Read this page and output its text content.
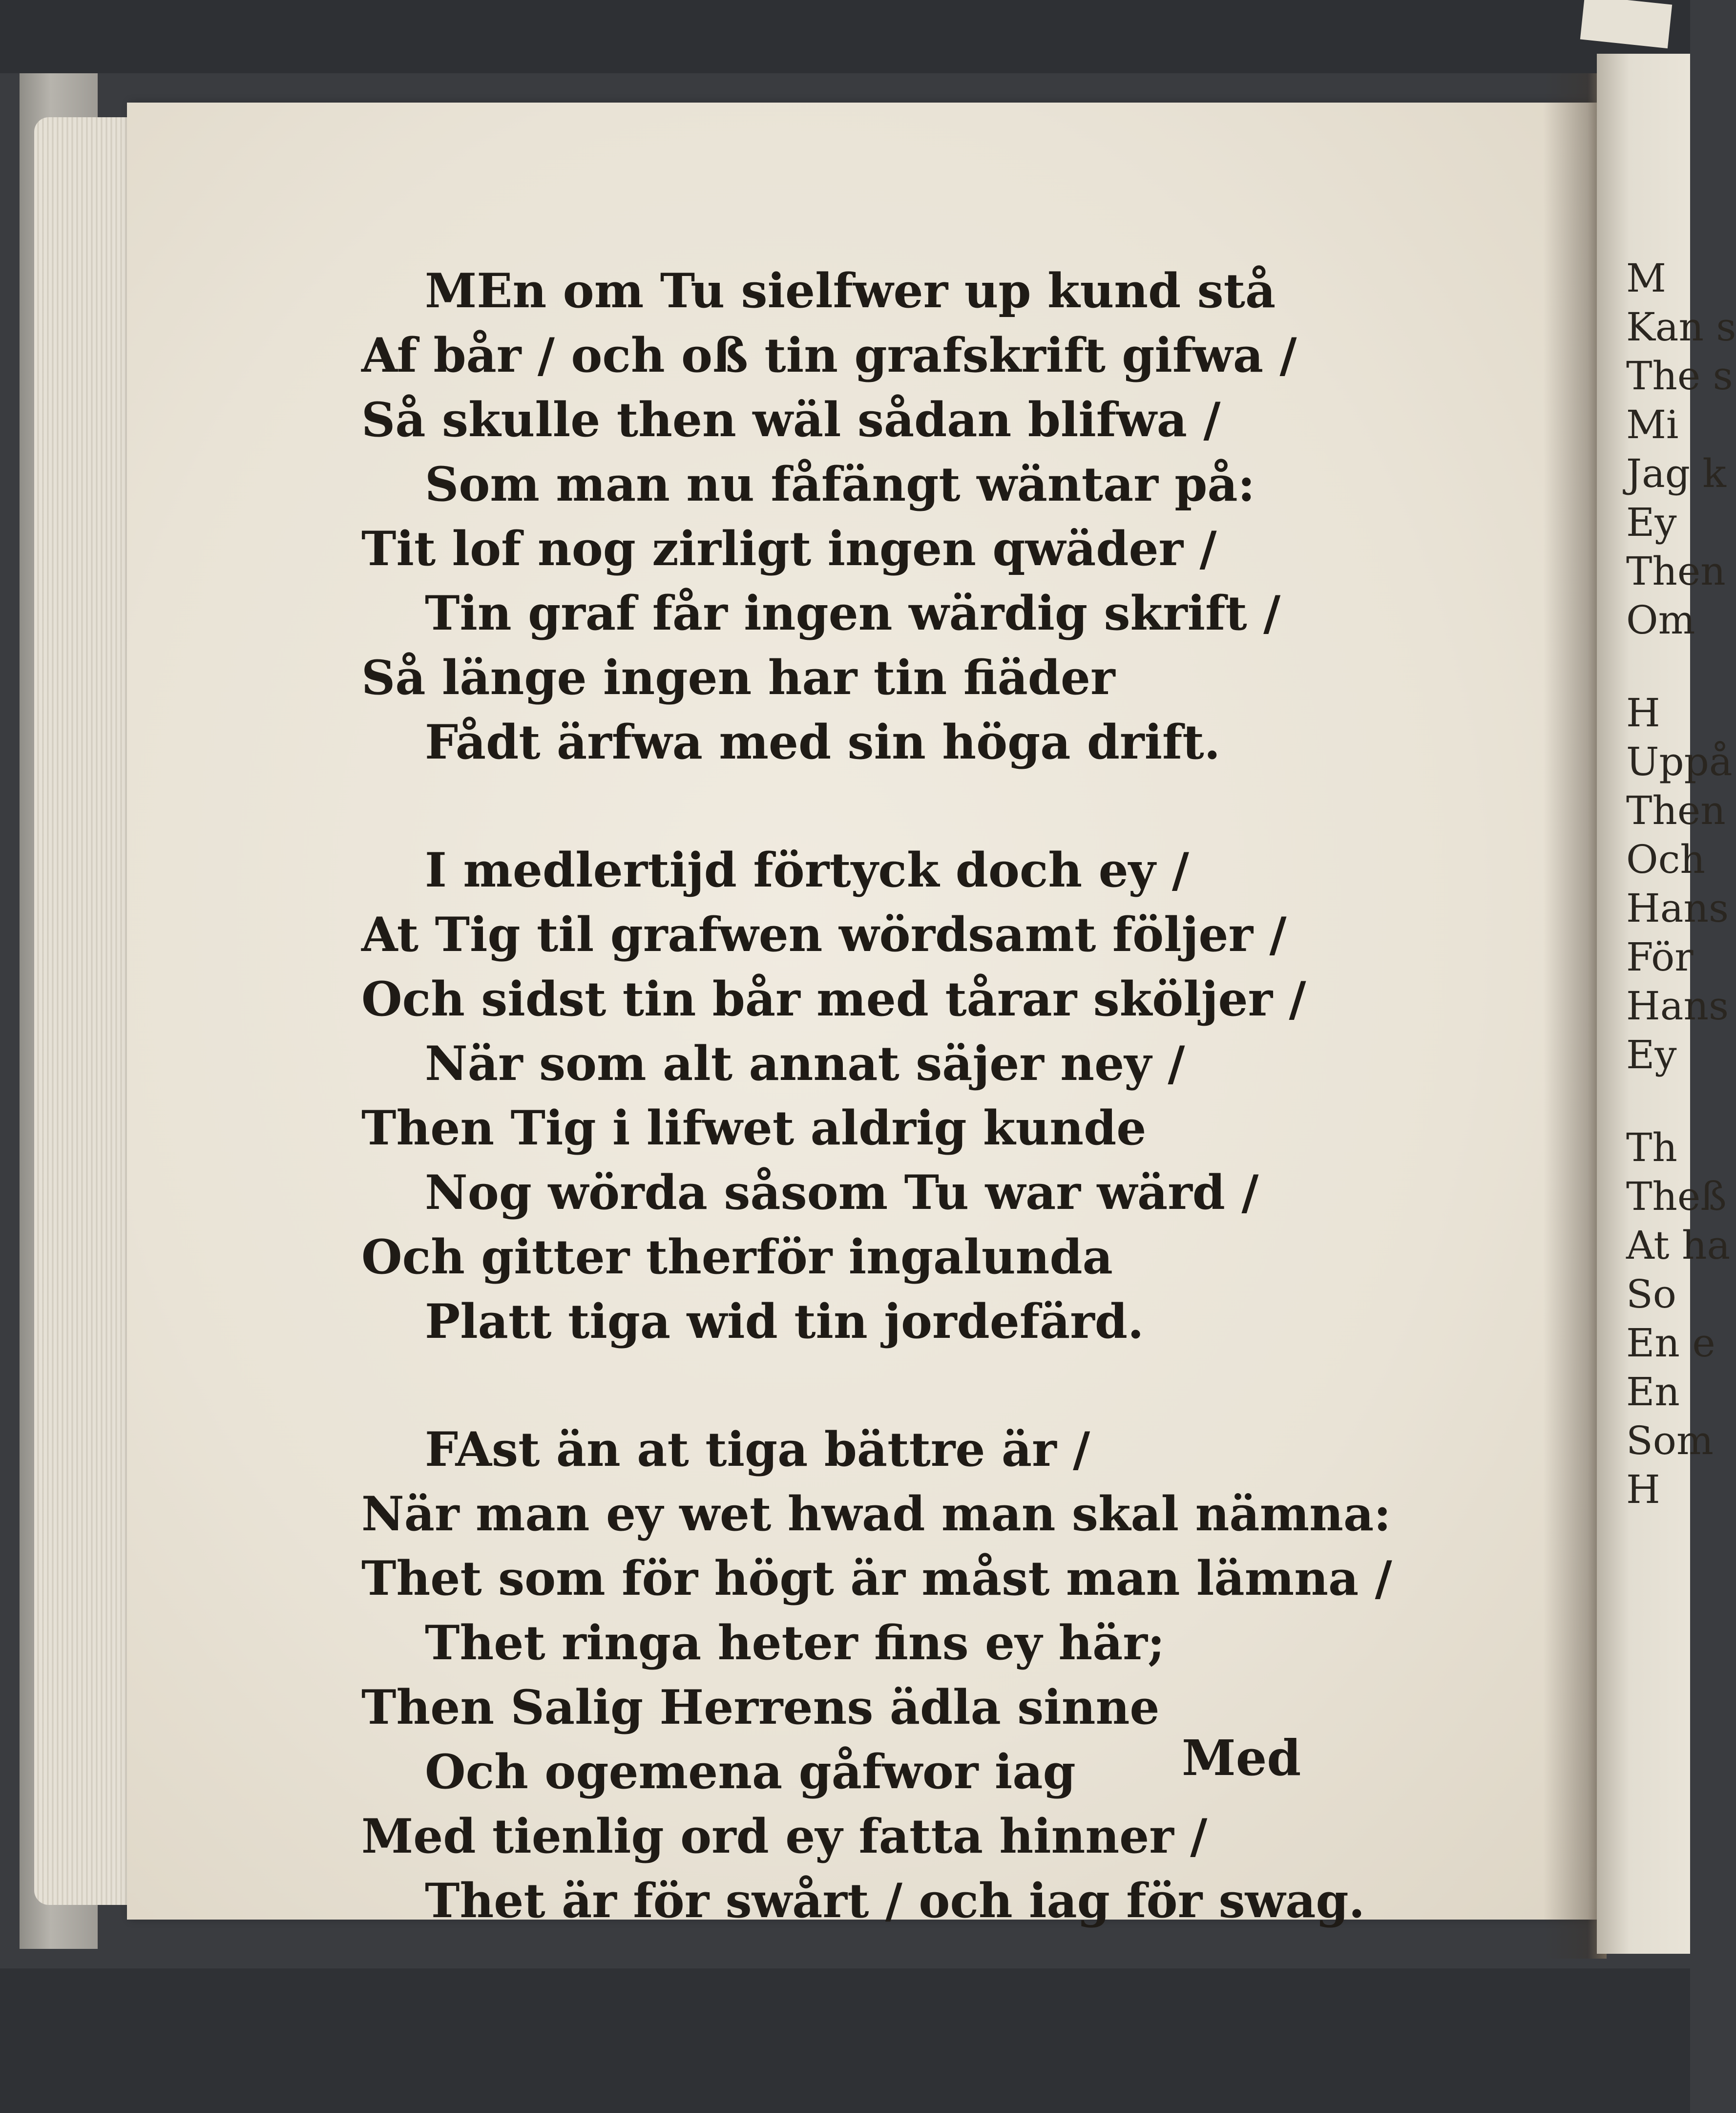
M
Kan s
The s
Mi
Jag k
Ey
Then
Om
H
Uppå
Then
Och
Hans
För
Hans
Ey
Th
Theß
At ha
So
En e
En
Som
H
MEn om Tu sielfwer up kund stå
Af bår / och oß tin grafskrift gifwa /
Så skulle then wäl sådan blifwa /
Som man nu fåfängt wäntar på:
Tit lof nog zirligt ingen qwäder /
Tin graf får ingen wärdig skrift /
Så länge ingen har tin fiäder
Fådt ärfwa med sin höga drift.
I medlertijd förtyck doch ey /
At Tig til grafwen wördsamt följer /
Och sidst tin bår med tårar sköljer /
När som alt annat säjer ney /
Then Tig i lifwet aldrig kunde
Nog wörda såsom Tu war wärd /
Och gitter therför ingalunda
Platt tiga wid tin jordefärd.
FAst än at tiga bättre är /
När man ey wet hwad man skal nämna:
Thet som för högt är måst man lämna /
Thet ringa heter fins ey här;
Then Salig Herrens ädla sinne
Och ogemena gåfwor iag
Med tienlig ord ey fatta hinner /
Thet är för swårt / och iag för swag.
Med
